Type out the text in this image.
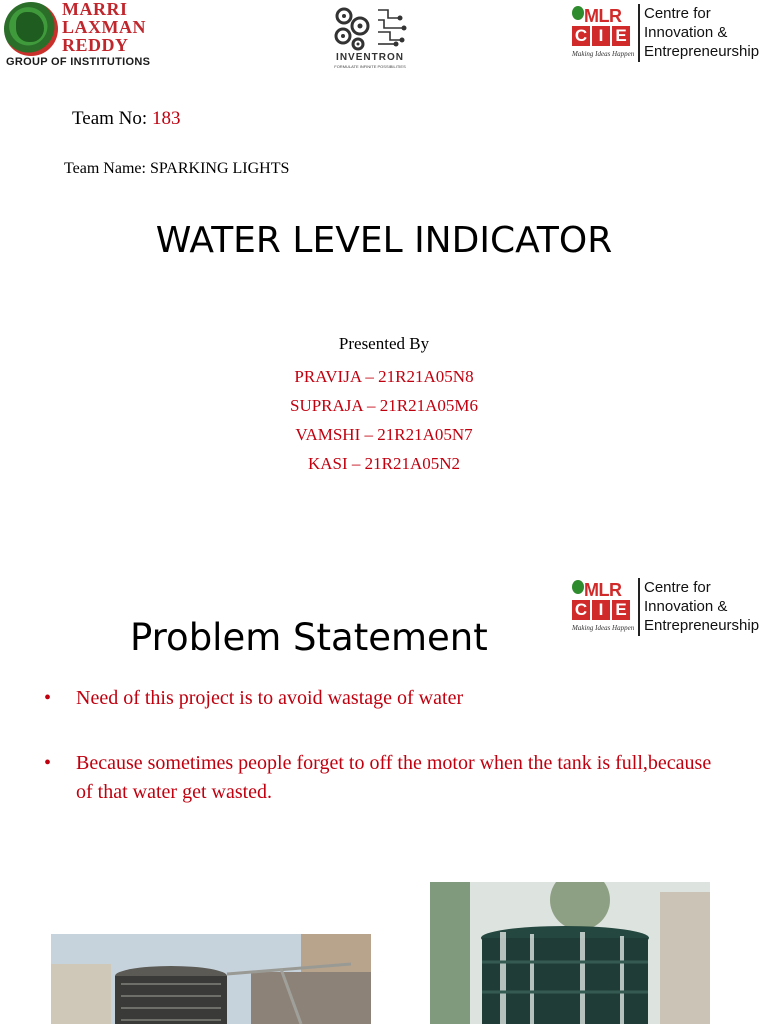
MARRI
LAXMAN
REDDY
GROUP OF INSTITUTIONS	INVENTRON
FORMULATE INFINITE POSSIBILITIES
MLR
C I E
Making Ideas Happen
Centre for
Innovation &
Entrepreneurship
Team No: 183
Team Name: SPARKING LIGHTS
WATER LEVEL INDICATOR
Presented By
PRAVIJA – 21R21A05N8
SUPRAJA – 21R21A05M6
VAMSHI – 21R21A05N7
KASI – 21R21A05N2
MLR
C I E
Making Ideas Happen
Centre for
Innovation &
Entrepreneurship
Problem Statement
• Need of this project is to avoid wastage of water
• Because sometimes people forget to off the motor when the tank is full,because of that water get wasted.
